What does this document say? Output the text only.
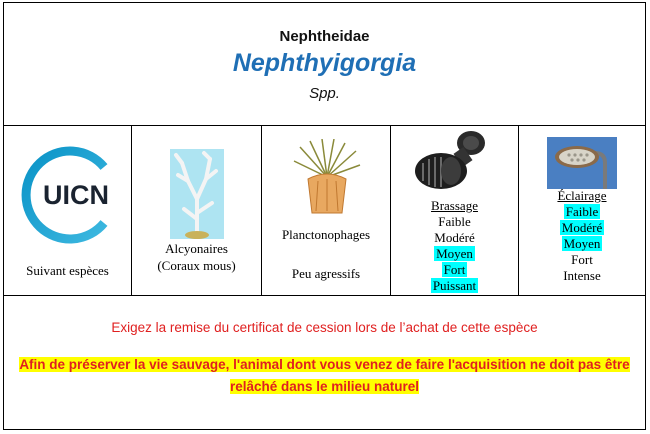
Nephtheidae
Nephthyigorgia
Spp.
UICN
Suivant espèces
Alcyonaires
(Coraux mous)
Planctonophages
Peu agressifs
Brassage
Faible
Modéré
Moyen
Fort
Puissant
Éclairage
Faible
Modéré
Moyen
Fort
Intense
Exigez la remise du certificat de cession lors de l’achat de cette espèce
Afin de préserver la vie sauvage, l'animal dont vous venez de faire l'acquisition ne doit pas être
relâché dans le milieu naturel
